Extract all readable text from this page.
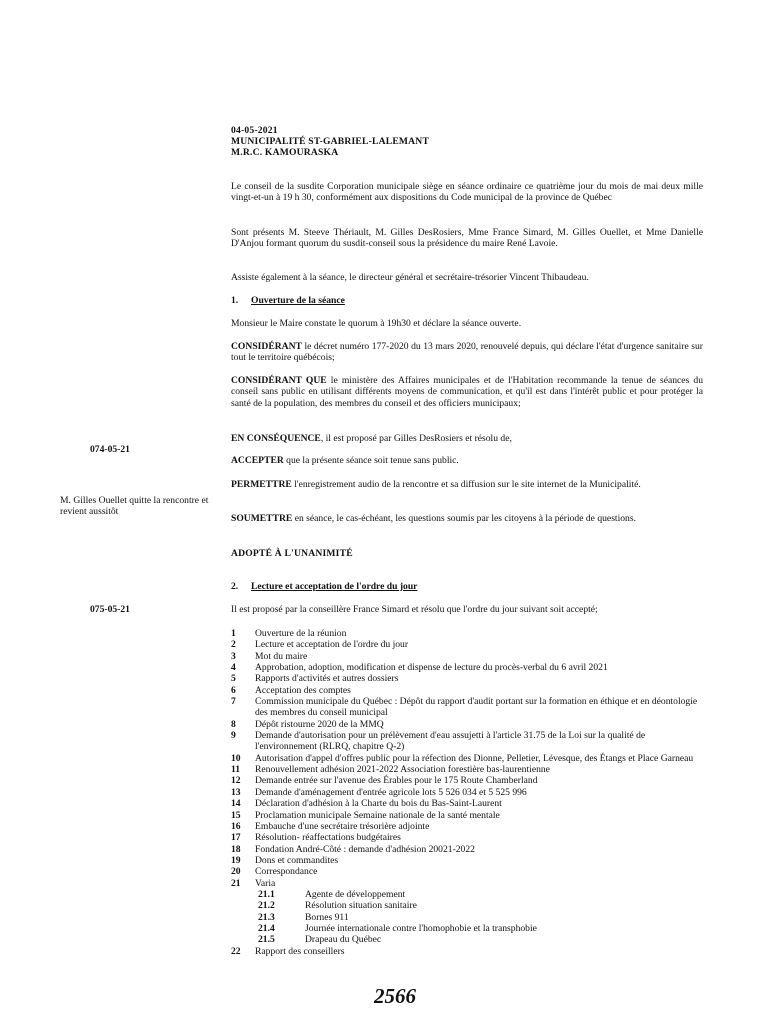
04-05-2021
MUNICIPALITÉ ST-GABRIEL-LALEMANT
M.R.C. KAMOURASKA
Le conseil de la susdite Corporation municipale siège en séance ordinaire ce quatrième jour du mois de mai deux mille vingt-et-un à 19 h 30, conformément aux dispositions du Code municipal de la province de Québec
Sont présents M. Steeve Thériault, M. Gilles DesRosiers, Mme France Simard, M. Gilles Ouellet, et Mme Danielle D'Anjou formant quorum du susdit-conseil sous la présidence du maire René Lavoie.
Assiste également à la séance, le directeur général et secrétaire-trésorier Vincent Thibaudeau.
1. Ouverture de la séance
Monsieur le Maire constate le quorum à 19h30 et déclare la séance ouverte.
CONSIDÉRANT le décret numéro 177-2020 du 13 mars 2020, renouvelé depuis, qui déclare l'état d'urgence sanitaire sur tout le territoire québécois;
CONSIDÉRANT QUE le ministère des Affaires municipales et de l'Habitation recommande la tenue de séances du conseil sans public en utilisant différents moyens de communication, et qu'il est dans l'intérêt public et pour protéger la santé de la population, des membres du conseil et des officiers municipaux;
EN CONSÉQUENCE, il est proposé par Gilles DesRosiers et résolu de,
074-05-21
ACCEPTER que la présente séance soit tenue sans public.
PERMETTRE l'enregistrement audio de la rencontre et sa diffusion sur le site internet de la Municipalité.
M. Gilles Ouellet quitte la rencontre et revient aussitôt
SOUMETTRE en séance, le cas-échéant, les questions soumis par les citoyens à la période de questions.
ADOPTÉ À L'UNANIMITÉ
2. Lecture et acceptation de l'ordre du jour
075-05-21	Il est proposé par la conseillère France Simard et résolu que l'ordre du jour suivant soit accepté;
1 Ouverture de la réunion
2 Lecture et acceptation de l'ordre du jour
3 Mot du maire
4 Approbation, adoption, modification et dispense de lecture du procès-verbal du 6 avril 2021
5 Rapports d'activités et autres dossiers
6 Acceptation des comptes
7 Commission municipale du Québec : Dépôt du rapport d'audit portant sur la formation en éthique et en déontologie des membres du conseil municipal
8 Dépôt ristourne 2020 de la MMQ
9 Demande d'autorisation pour un prélèvement d'eau assujetti à l'article 31.75 de la Loi sur la qualité de l'environnement (RLRQ, chapitre Q-2)
10 Autorisation d'appel d'offres public pour la réfection des Dionne, Pelletier, Lévesque, des Étangs et Place Garneau
11 Renouvellement adhésion 2021-2022 Association forestière bas-laurentienne
12 Demande entrée sur l'avenue des Érables pour le 175 Route Chamberland
13 Demande d'aménagement d'entrée agricole lots 5 526 034 et 5 525 996
14 Déclaration d'adhésion à la Charte du bois du Bas-Saint-Laurent
15 Proclamation municipale Semaine nationale de la santé mentale
16 Embauche d'une secrétaire trésorière adjointe
17 Résolution- réaffectations budgétaires
18 Fondation André-Côté : demande d'adhésion 20021-2022
19 Dons et commandites
20 Correspondance
21 Varia
21.1	Agente de développement
21.2	Résolution situation sanitaire
21.3	Bornes 911
21.4	Journée internationale contre l'homophobie et la transphobie
21.5	Drapeau du Québec
22 Rapport des conseillers
2566
